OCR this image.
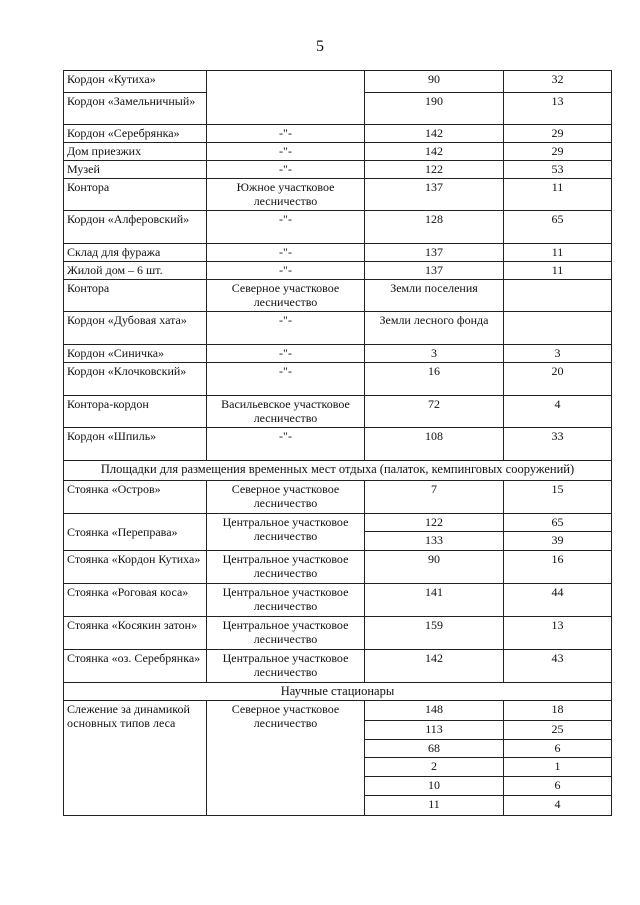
5
Кордон «Кутиха»		90	32
Кордон «Замельничный»		190	13
Кордон «Серебрянка»	-"-	142	29
Дом приезжих	-"-	142	29
Музей	-"-	122	53
Контора	Южное участковое лесничество	137	11
Кордон «Алферовский»	-"-	128	65
Склад для фуража	-"-	137	11
Жилой дом – 6 шт.	-"-	137	11
Контора	Северное участковое лесничество	Земли поселения	
Кордон «Дубовая хата»	-"-	Земли лесного фонда	
Кордон «Синичка»	-"-	3	3
Кордон «Клочковский»	-"-	16	20
Контора-кордон	Васильевское участковое лесничество	72	4
Кордон «Шпиль»	-"-	108	33
Площадки для размещения временных мест отдыха (палаток, кемпинговых сооружений)			
Стоянка «Остров»	Северное участковое лесничество	7	15
Стоянка «Переправа»	Центральное участковое лесничество	122	65
		133	39
Стоянка «Кордон Кутиха»	Центральное участковое лесничество	90	16
Стоянка «Роговая коса»	Центральное участковое лесничество	141	44
Стоянка «Косякин затон»	Центральное участковое лесничество	159	13
Стоянка «оз. Серебрянка»	Центральное участковое лесничество	142	43
Научные стационары			
Слежение за динамикой основных типов леса	Северное участковое лесничество	148	18
		113	25
		68	6
		2	1
		10	6
		11	4
